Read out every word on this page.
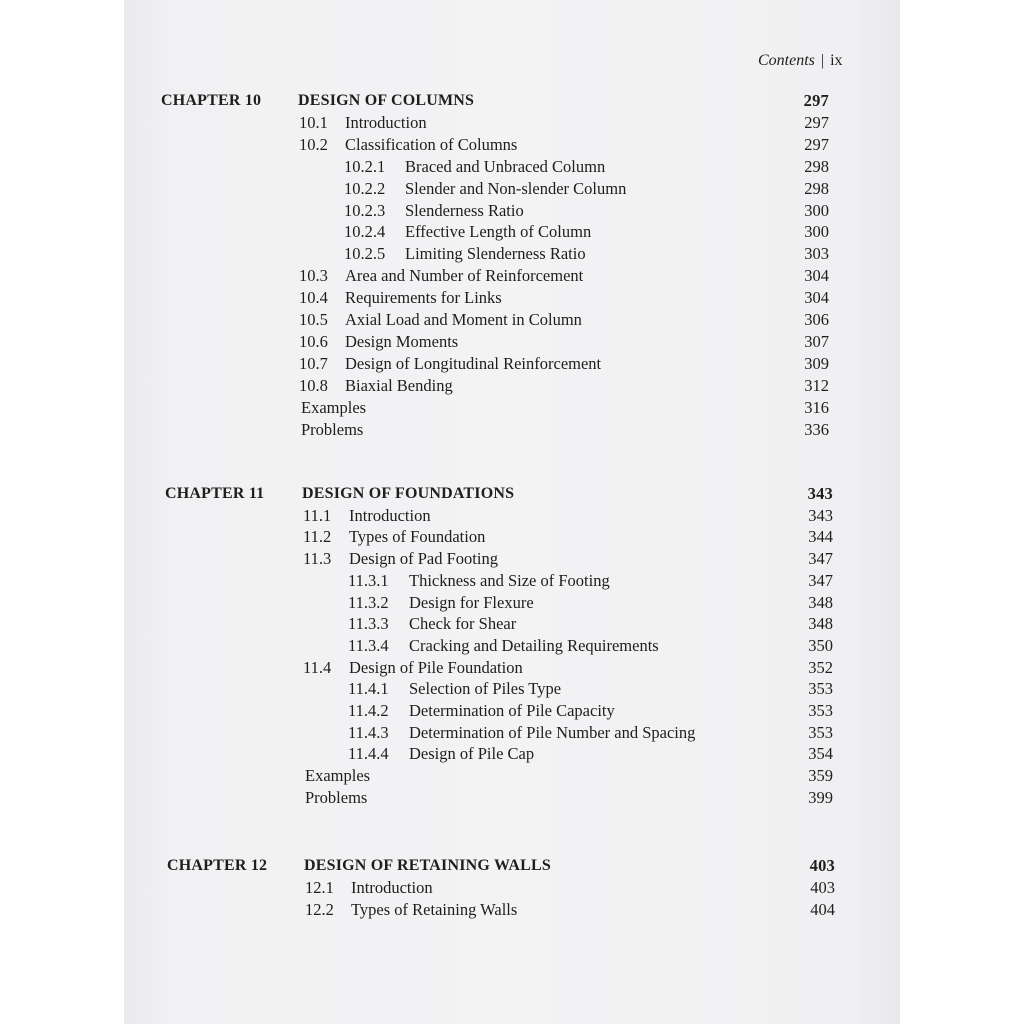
Contents | ix
CHAPTER 10 DESIGN OF COLUMNS	297
10.1 Introduction	297
10.2 Classification of Columns	297
10.2.1 Braced and Unbraced Column	298
10.2.2 Slender and Non-slender Column	298
10.2.3 Slenderness Ratio	300
10.2.4 Effective Length of Column	300
10.2.5 Limiting Slenderness Ratio	303
10.3 Area and Number of Reinforcement	304
10.4 Requirements for Links	304
10.5 Axial Load and Moment in Column	306
10.6 Design Moments	307
10.7 Design of Longitudinal Reinforcement	309
10.8 Biaxial Bending	312
Examples	316
Problems	336
CHAPTER 11 DESIGN OF FOUNDATIONS	343
11.1 Introduction	343
11.2 Types of Foundation	344
11.3 Design of Pad Footing	347
11.3.1 Thickness and Size of Footing	347
11.3.2 Design for Flexure	348
11.3.3 Check for Shear	348
11.3.4 Cracking and Detailing Requirements	350
11.4 Design of Pile Foundation	352
11.4.1 Selection of Piles Type	353
11.4.2 Determination of Pile Capacity	353
11.4.3 Determination of Pile Number and Spacing	353
11.4.4 Design of Pile Cap	354
Examples	359
Problems	399
CHAPTER 12 DESIGN OF RETAINING WALLS	403
12.1 Introduction	403
12.2 Types of Retaining Walls	404
